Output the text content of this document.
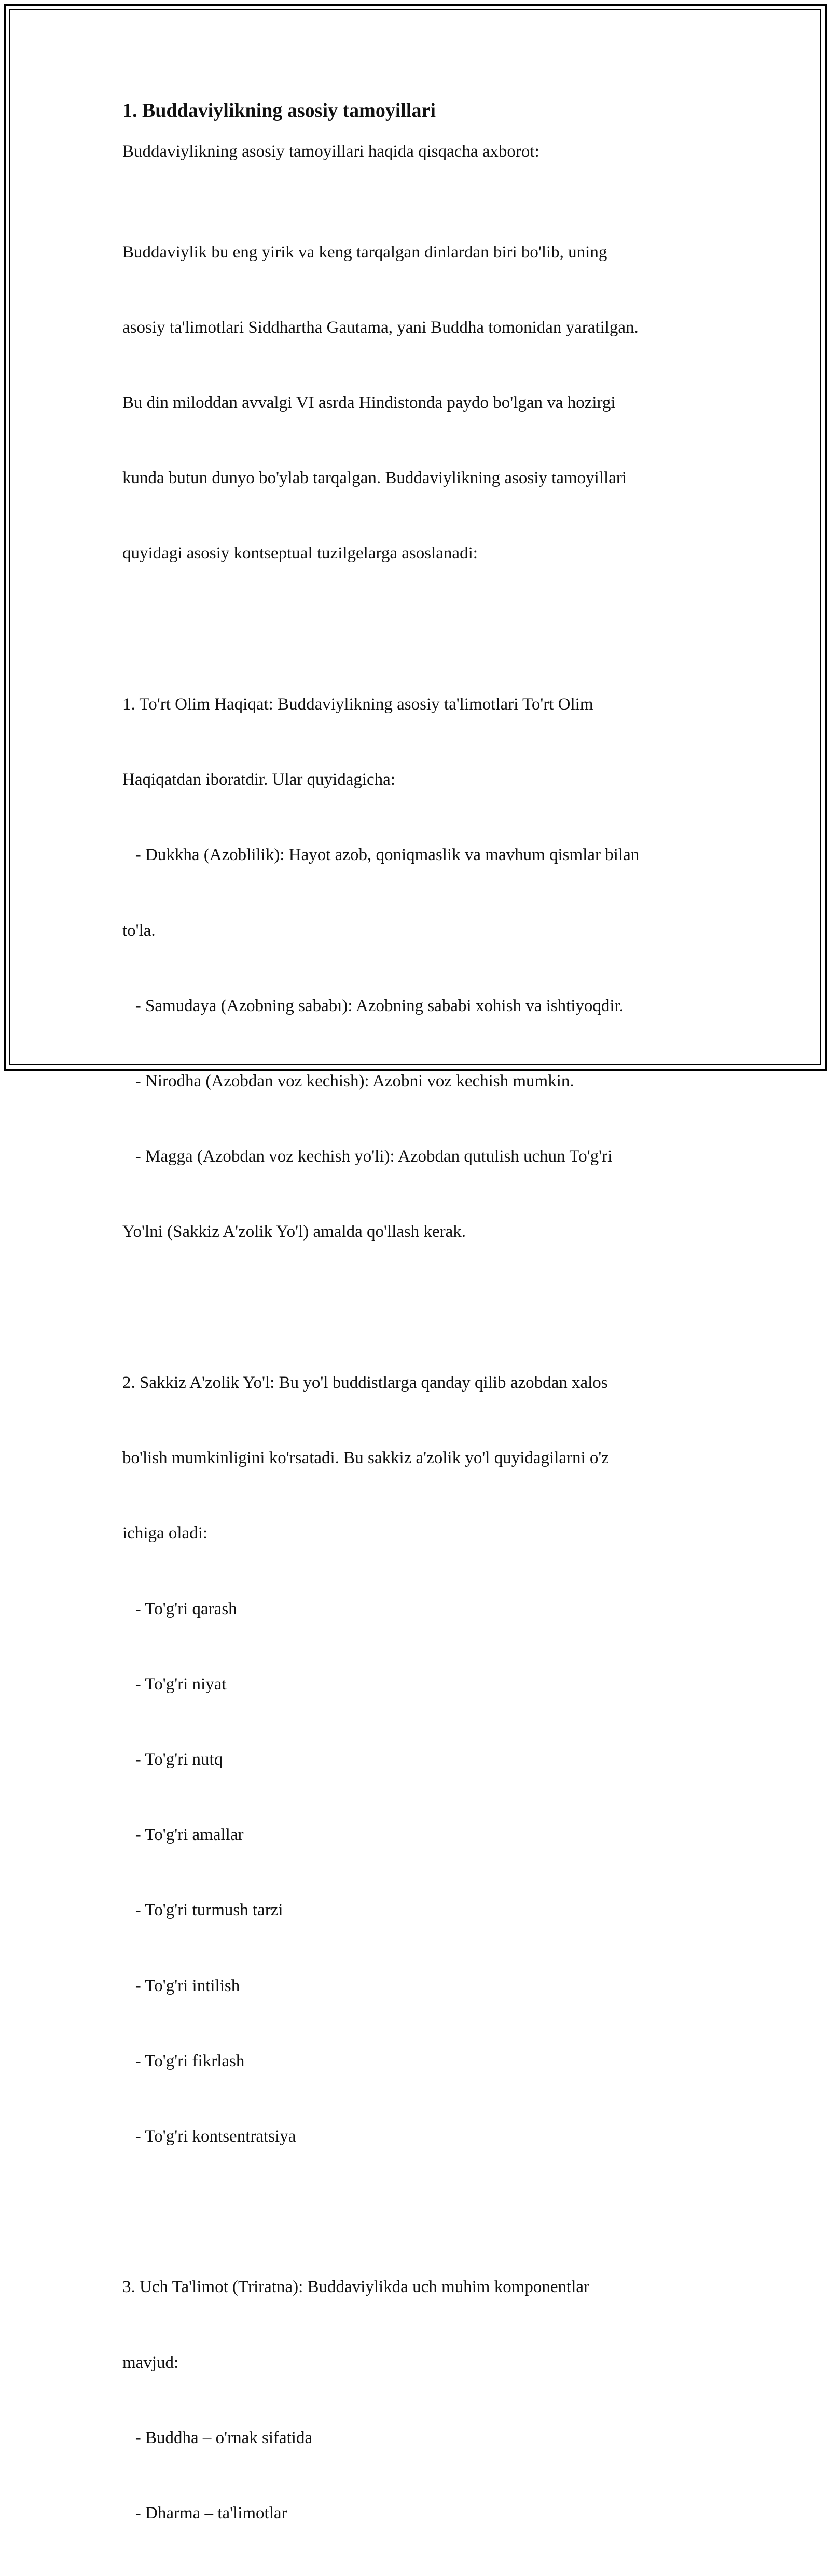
1. Buddaviylikning asosiy tamoyillari

Buddaviylikning asosiy tamoyillari haqida qisqacha axborot:

Buddaviylik bu eng yirik va keng tarqalgan dinlardan biri bo'lib, uning

asosiy ta'limotlari Siddhartha Gautama, yani Buddha tomonidan yaratilgan.

Bu din miloddan avvalgi VI asrda Hindistonda paydo bo'lgan va hozirgi

kunda butun dunyo bo'ylab tarqalgan. Buddaviylikning asosiy tamoyillari

quyidagi asosiy kontseptual tuzilgelarga asoslanadi:

1. To'rt Olim Haqiqat: Buddaviylikning asosiy ta'limotlari To'rt Olim

Haqiqatdan iboratdir. Ular quyidagicha:

- Dukkha (Azoblilik): Hayot azob, qoniqmaslik va mavhum qismlar bilan

to'la.

- Samudaya (Azobning sababı): Azobning sababi xohish va ishtiyoqdir.

- Nirodha (Azobdan voz kechish): Azobni voz kechish mumkin.

- Magga (Azobdan voz kechish yo'li): Azobdan qutulish uchun To'g'ri

Yo'lni (Sakkiz A'zolik Yo'l) amalda qo'llash kerak.

2. Sakkiz A'zolik Yo'l: Bu yo'l buddistlarga qanday qilib azobdan xalos

bo'lish mumkinligini ko'rsatadi. Bu sakkiz a'zolik yo'l quyidagilarni o'z

ichiga oladi:

- To'g'ri qarash

- To'g'ri niyat

- To'g'ri nutq

- To'g'ri amallar

- To'g'ri turmush tarzi

- To'g'ri intilish

- To'g'ri fikrlash

- To'g'ri kontsentratsiya

3. Uch Ta'limot (Triratna): Buddaviylikda uch muhim komponentlar

mavjud:

- Buddha – o'rnak sifatida

- Dharma – ta'limotlar
